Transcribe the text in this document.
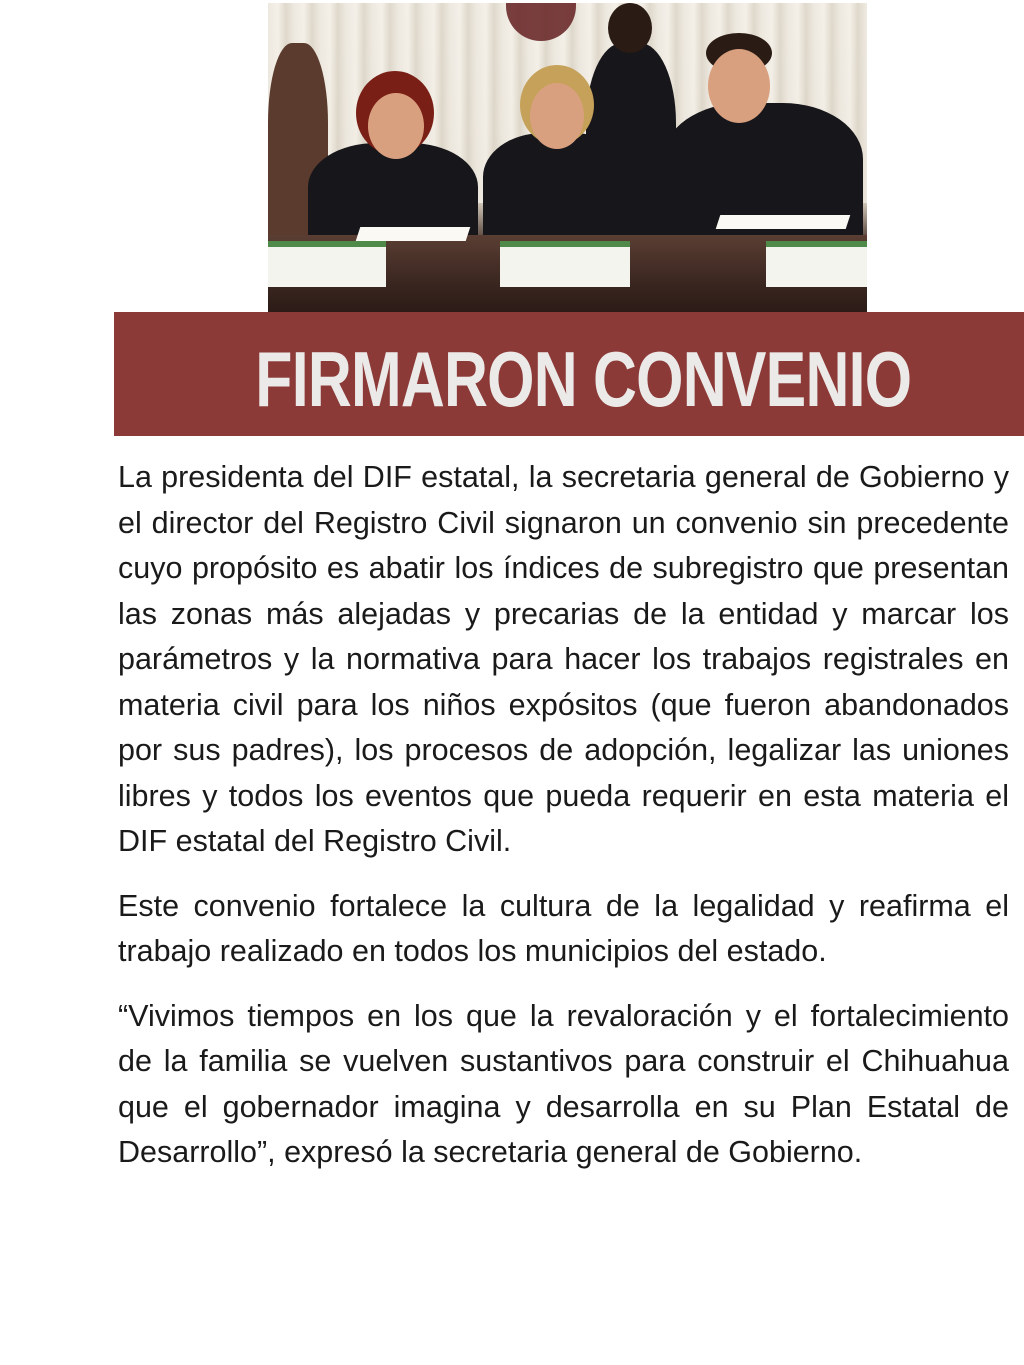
FIRMARON CONVENIO

La presidenta del DIF estatal, la secretaria general de Gobierno y el director del Registro Civil signaron un convenio sin precedente cuyo propósito es abatir los índices de subregistro que presentan las zonas más alejadas y precarias de la entidad y marcar los parámetros y la normativa para hacer los trabajos registrales en materia civil para los niños expósitos (que fueron abandonados por sus padres), los procesos de adopción, legalizar las uniones libres y todos los eventos que pueda requerir en esta materia el DIF estatal del Registro Civil.

Este convenio fortalece la cultura de la legalidad y reafirma el trabajo realizado en todos los municipios del estado.

“Vivimos tiempos en los que la revaloración y el fortalecimiento de la familia se vuelven sustantivos para construir el Chihuahua que el gobernador imagina y desarrolla en su Plan Estatal de Desarrollo”, expresó la secretaria general de Gobierno.
